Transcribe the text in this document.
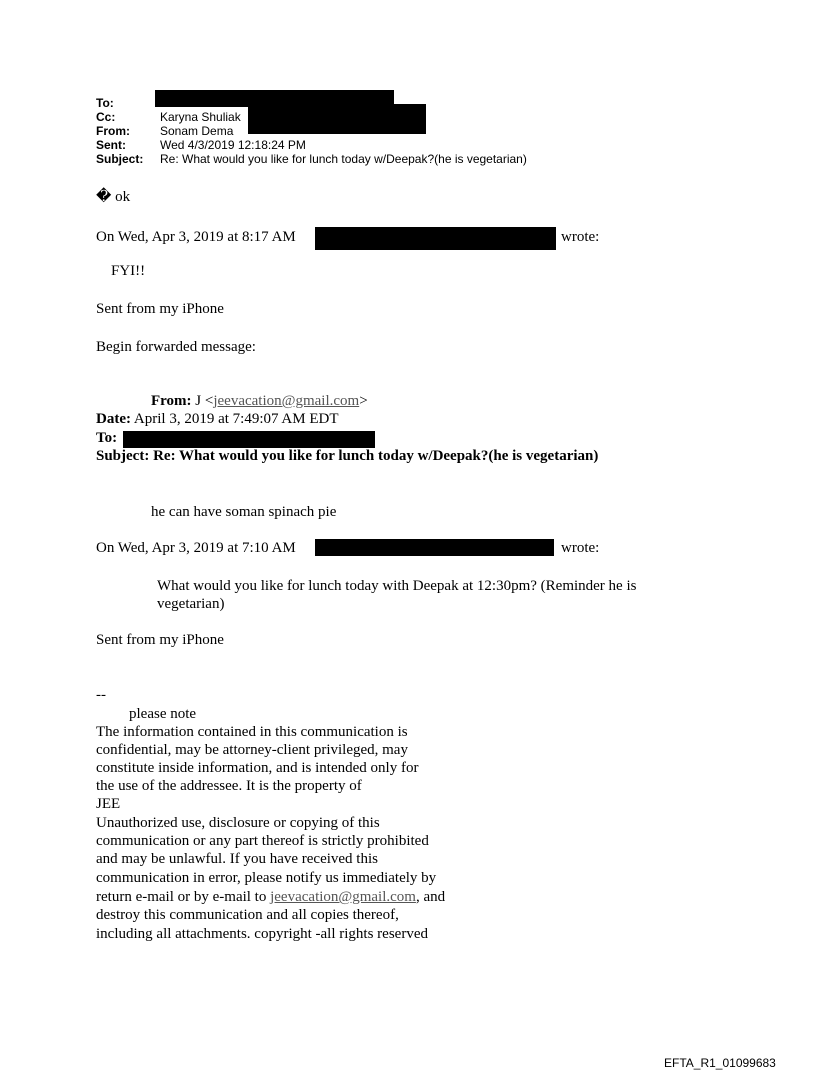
To:
Cc:	Karyna Shuliak
From:	Sonam Dema
Sent:	Wed 4/3/2019 12:18:24 PM
Subject: Re: What would you like for lunch today w/Deepak?(he is vegetarian)
� ok
On Wed, Apr 3, 2019 at 8:17 AM	wrote:
FYI!!
Sent from my iPhone
Begin forwarded message:
From: J <jeevacation@gmail.com>
Date: April 3, 2019 at 7:49:07 AM EDT
To:
Subject: Re: What would you like for lunch today w/Deepak?(he is vegetarian)
he can have soman spinach pie
On Wed, Apr 3, 2019 at 7:10 AM	wrote:
What would you like for lunch today with Deepak at 12:30pm? (Reminder he is
vegetarian)
Sent from my iPhone
--
please note
The information contained in this communication is
confidential, may be attorney-client privileged, may
constitute inside information, and is intended only for
the use of the addressee. It is the property of
JEE
Unauthorized use, disclosure or copying of this
communication or any part thereof is strictly prohibited
and may be unlawful. If you have received this
communication in error, please notify us immediately by
return e-mail or by e-mail to jeevacation@gmail.com, and
destroy this communication and all copies thereof,
including all attachments. copyright -all rights reserved
EFTA_R1_01099683
